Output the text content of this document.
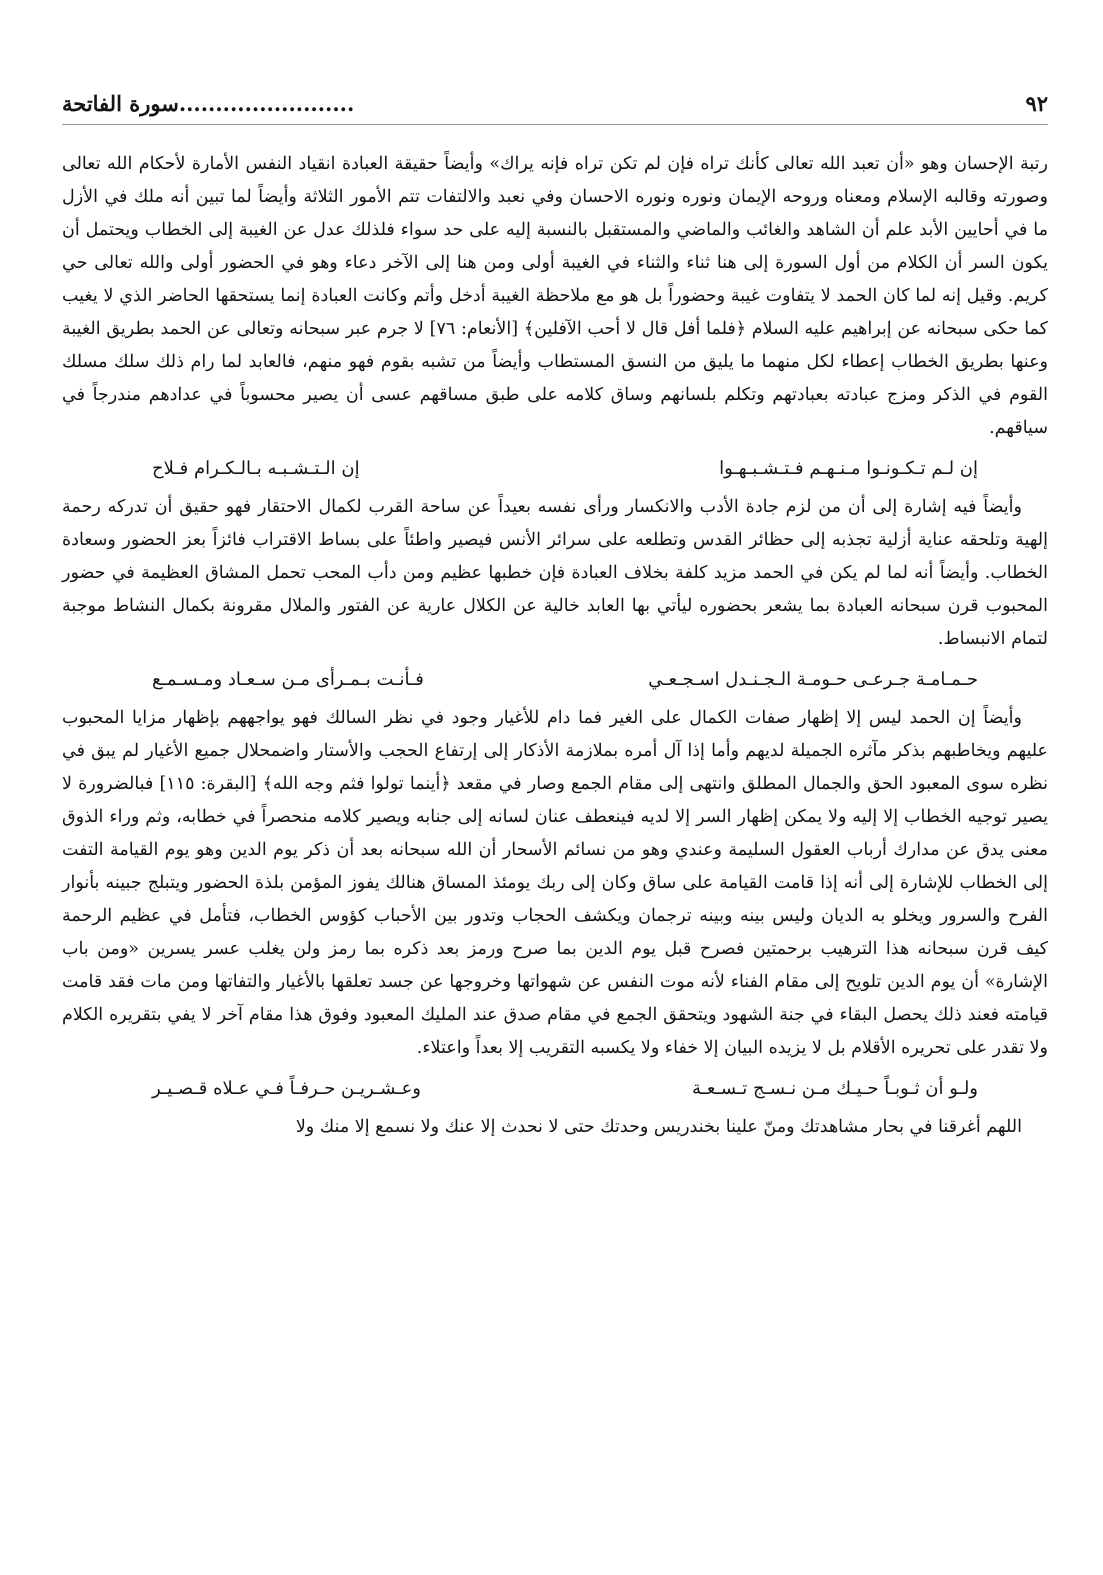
٩٢
........................سورة الفاتحة

رتبة الإحسان وهو «أن تعبد الله تعالى كأنك تراه فإن لم تكن تراه فإنه يراك» وأيضاً حقيقة العبادة انقياد النفس الأمارة لأحكام الله تعالى وصورته وقالبه الإسلام ومعناه وروحه الإيمان ونوره ونوره الاحسان وفي نعبد والالتفات تتم الأمور الثلاثة وأيضاً لما تبين أنه ملك في الأزل ما في أحايين الأبد علم أن الشاهد والغائب والماضي والمستقبل بالنسبة إليه على حد سواء فلذلك عدل عن الغيبة إلى الخطاب ويحتمل أن يكون السر أن الكلام من أول السورة إلى هنا ثناء والثناء في الغيبة أولى ومن هنا إلى الآخر دعاء وهو في الحضور أولى والله تعالى حي كريم. وقيل إنه لما كان الحمد لا يتفاوت غيبة وحضوراً بل هو مع ملاحظة الغيبة أدخل وأتم وكانت العبادة إنما يستحقها الحاضر الذي لا يغيب كما حكى سبحانه عن إبراهيم عليه السلام ﴿فلما أفل قال لا أحب الآفلين﴾ [الأنعام: ٧٦] لا جرم عبر سبحانه وتعالى عن الحمد بطريق الغيبة وعنها بطريق الخطاب إعطاء لكل منهما ما يليق من النسق المستطاب وأيضاً من تشبه بقوم فهو منهم، فالعابد لما رام ذلك سلك مسلك القوم في الذكر ومزج عبادته بعبادتهم وتكلم بلسانهم وساق كلامه على طبق مساقهم عسى أن يصير محسوباً في عدادهم مندرجاً في سياقهم.

إن لـم تـكـونـوا مـنـهـم فـتـشـبـهـوا
إن الـتـشـبـه بـالـكـرام فـلاح

وأيضاً فيه إشارة إلى أن من لزم جادة الأدب والانكسار ورأى نفسه بعيداً عن ساحة القرب لكمال الاحتقار فهو حقيق أن تدركه رحمة إلهية وتلحقه عناية أزلية تجذبه إلى حظائر القدس وتطلعه على سرائر الأنس فيصير واطئاً على بساط الاقتراب فائزاً بعز الحضور وسعادة الخطاب. وأيضاً أنه لما لم يكن في الحمد مزيد كلفة بخلاف العبادة فإن خطبها عظيم ومن دأب المحب تحمل المشاق العظيمة في حضور المحبوب قرن سبحانه العبادة بما يشعر بحضوره ليأتي بها العابد خالية عن الكلال عارية عن الفتور والملال مقرونة بكمال النشاط موجبة لتمام الانبساط.

حـمـامـة جـرعـى حـومـة الـجـنـدل اسـجـعـي
فـأنـت بـمـرأى مـن سـعـاد ومـسـمـع

وأيضاً إن الحمد ليس إلا إظهار صفات الكمال على الغير فما دام للأغيار وجود في نظر السالك فهو يواجههم بإظهار مزايا المحبوب عليهم ويخاطبهم بذكر مآثره الجميلة لديهم وأما إذا آل أمره بملازمة الأذكار إلى إرتفاع الحجب والأستار واضمحلال جميع الأغيار لم يبق في نظره سوى المعبود الحق والجمال المطلق وانتهى إلى مقام الجمع وصار في مقعد ﴿أينما تولوا فثم وجه الله﴾ [البقرة: ١١٥] فبالضرورة لا يصير توجيه الخطاب إلا إليه ولا يمكن إظهار السر إلا لديه فينعطف عنان لسانه إلى جنابه ويصير كلامه منحصراً في خطابه، وثم وراء الذوق معنى يدق عن مدارك أرباب العقول السليمة وعندي وهو من نسائم الأسحار أن الله سبحانه بعد أن ذكر يوم الدين وهو يوم القيامة التفت إلى الخطاب للإشارة إلى أنه إذا قامت القيامة على ساق وكان إلى ربك يومئذ المساق هنالك يفوز المؤمن بلذة الحضور ويتبلج جبينه بأنوار الفرح والسرور ويخلو به الديان وليس بينه وبينه ترجمان ويكشف الحجاب وتدور بين الأحباب كؤوس الخطاب، فتأمل في عظيم الرحمة كيف قرن سبحانه هذا الترهيب برحمتين فصرح قبل يوم الدين بما صرح ورمز بعد ذكره بما رمز ولن يغلب عسر يسرين «ومن باب الإشارة» أن يوم الدين تلويح إلى مقام الفناء لأنه موت النفس عن شهواتها وخروجها عن جسد تعلقها بالأغيار والتفاتها ومن مات فقد قامت قيامته فعند ذلك يحصل البقاء في جنة الشهود ويتحقق الجمع في مقام صدق عند المليك المعبود وفوق هذا مقام آخر لا يفي بتقريره الكلام ولا تقدر على تحريره الأقلام بل لا يزيده البيان إلا خفاء ولا يكسبه التقريب إلا بعداً واعتلاء.

ولـو أن ثـوبـاً حـيـك مـن نـسـج تـسـعـة
وعـشـريـن حـرفـاً فـي عـلاه قـصـيـر

اللهم أغرقنا في بحار مشاهدتك ومنّ علينا بخندريس وحدتك حتى لا نحدث إلا عنك ولا نسمع إلا منك ولا
